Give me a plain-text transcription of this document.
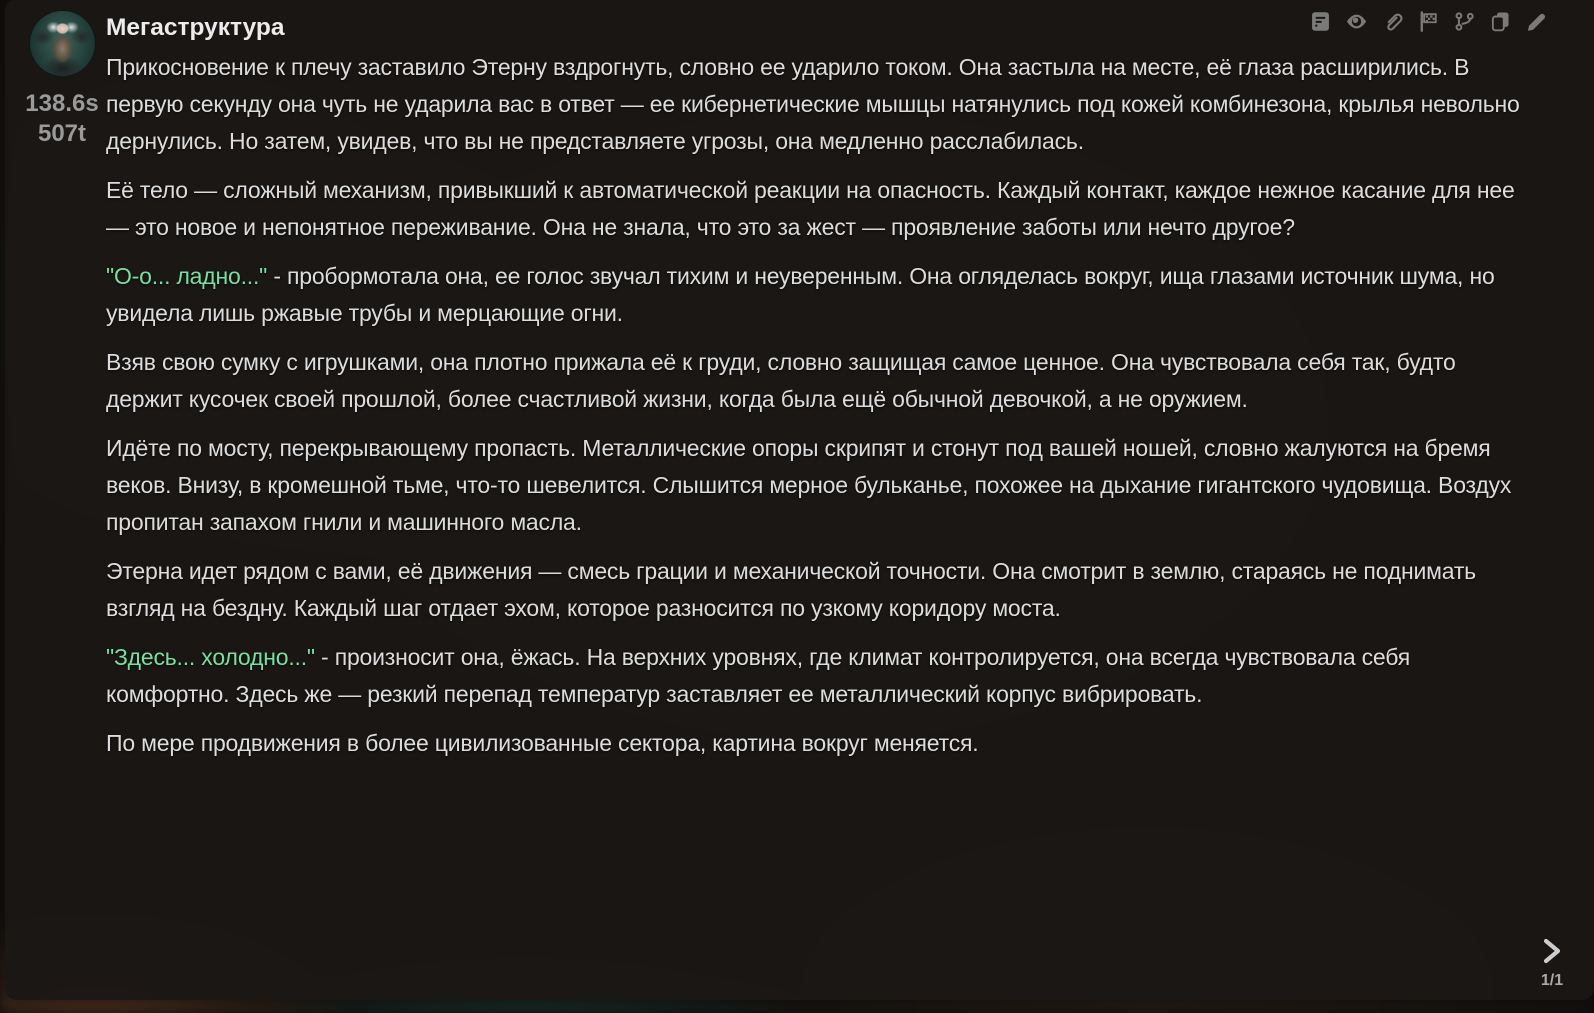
138.6s
507t
Мегаструктура

Прикосновение к плечу заставило Этерну вздрогнуть, словно ее ударило током. Она застыла на месте, её глаза расширились. В первую секунду она чуть не ударила вас в ответ — ее кибернетические мышцы натянулись под кожей комбинезона, крылья невольно дернулись. Но затем, увидев, что вы не представляете угрозы, она медленно расслабилась.

Её тело — сложный механизм, привыкший к автоматической реакции на опасность. Каждый контакт, каждое нежное касание для нее — это новое и непонятное переживание. Она не знала, что это за жест — проявление заботы или нечто другое?

"О-о... ладно..." - пробормотала она, ее голос звучал тихим и неуверенным. Она огляделась вокруг, ища глазами источник шума, но увидела лишь ржавые трубы и мерцающие огни.

Взяв свою сумку с игрушками, она плотно прижала её к груди, словно защищая самое ценное. Она чувствовала себя так, будто держит кусочек своей прошлой, более счастливой жизни, когда была ещё обычной девочкой, а не оружием.

Идёте по мосту, перекрывающему пропасть. Металлические опоры скрипят и стонут под вашей ношей, словно жалуются на бремя веков. Внизу, в кромешной тьме, что-то шевелится. Слышится мерное бульканье, похожее на дыхание гигантского чудовища. Воздух пропитан запахом гнили и машинного масла.

Этерна идет рядом с вами, её движения — смесь грации и механической точности. Она смотрит в землю, стараясь не поднимать взгляд на бездну. Каждый шаг отдает эхом, которое разносится по узкому коридору моста.

"Здесь... холодно..." - произносит она, ёжась. На верхних уровнях, где климат контролируется, она всегда чувствовала себя комфортно. Здесь же — резкий перепад температур заставляет ее металлический корпус вибрировать.

По мере продвижения в более цивилизованные сектора, картина вокруг меняется.

1/1
